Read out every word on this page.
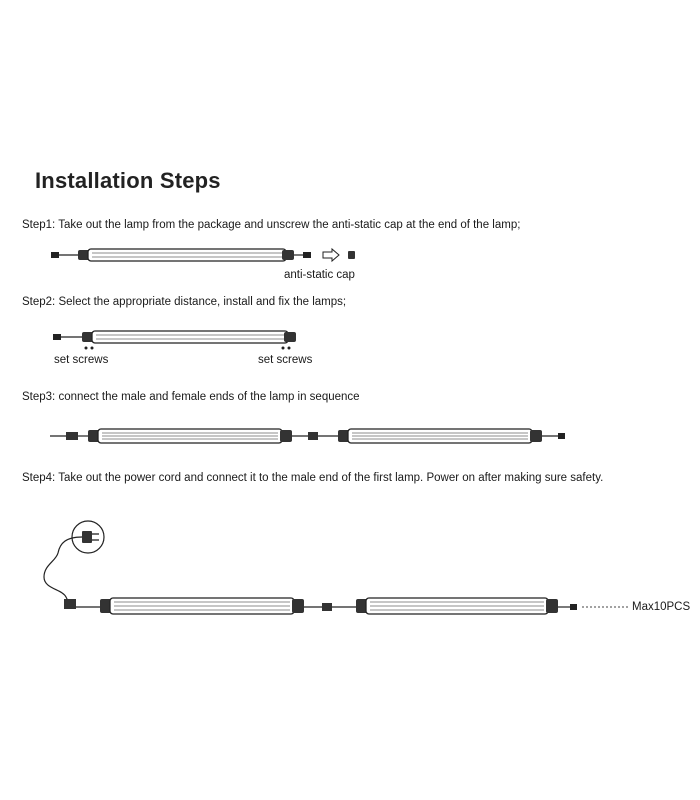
Installation Steps
Step1: Take out the lamp from the package and unscrew the anti-static cap at the end of the lamp;
anti-static cap
Step2: Select the appropriate distance, install and fix the lamps;
set screws	set screws
Step3: connect the male and female ends of the lamp in sequence
Step4: Take out the power cord and connect it to the male end of the first lamp. Power on after making sure safety.
Max10PCS
